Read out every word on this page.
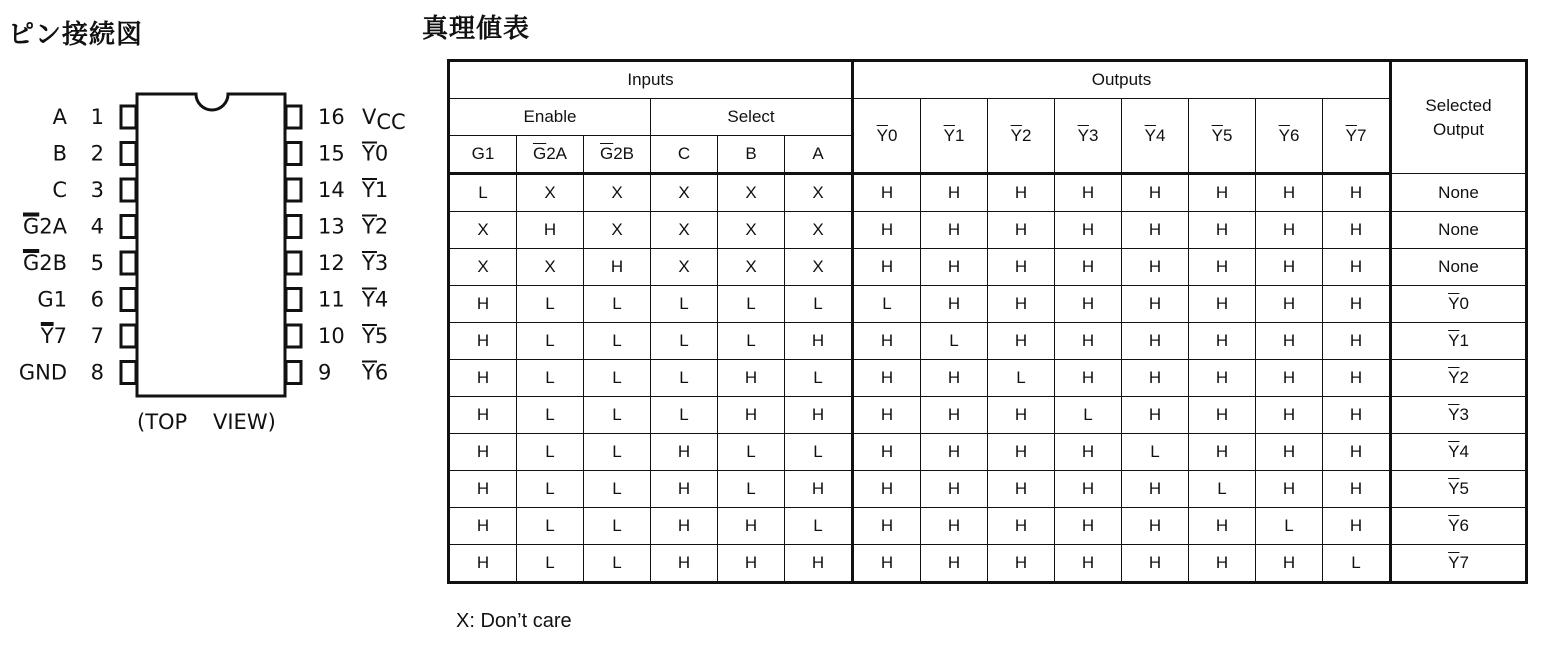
ピン接続図	真理値表
1
A
2
B
3
C
4
G2A
5
G2B
6
G1
7
Y7
8
GND
16 VCC
15 Y0
14 Y1
13 Y2
12 Y3
11 Y4
10 Y5
9 Y6
(TOP VIEW)
Inputs						Outputs								Selected
Output
Enable			Select			$\overline{Y}0$	$\overline{Y}1$	$\overline{Y}2$	$\overline{Y}3$	$\overline{Y}4$	$\overline{Y}5$	$\overline{Y}6$	$\overline{Y}7$	
G1	$\overline{G}2A$	$\overline{G}2B$	C	B	A									
L	X	X	X	X	X	H	H	H	H	H	H	H	H	None
X	H	X	X	X	X	H	H	H	H	H	H	H	H	None
X	X	H	X	X	X	H	H	H	H	H	H	H	H	None
H	L	L	L	L	L	L	H	H	H	H	H	H	H	$\overline{Y}0$
H	L	L	L	L	H	H	L	H	H	H	H	H	H	$\overline{Y}1$
H	L	L	L	H	L	H	H	L	H	H	H	H	H	$\overline{Y}2$
H	L	L	L	H	H	H	H	H	L	H	H	H	H	$\overline{Y}3$
H	L	L	H	L	L	H	H	H	H	L	H	H	H	$\overline{Y}4$
H	L	L	H	L	H	H	H	H	H	H	L	H	H	$\overline{Y}5$
H	L	L	H	H	L	H	H	H	H	H	H	L	H	$\overline{Y}6$
H	L	L	H	H	H	H	H	H	H	H	H	H	L	$\overline{Y}7$
X: Don’t care
